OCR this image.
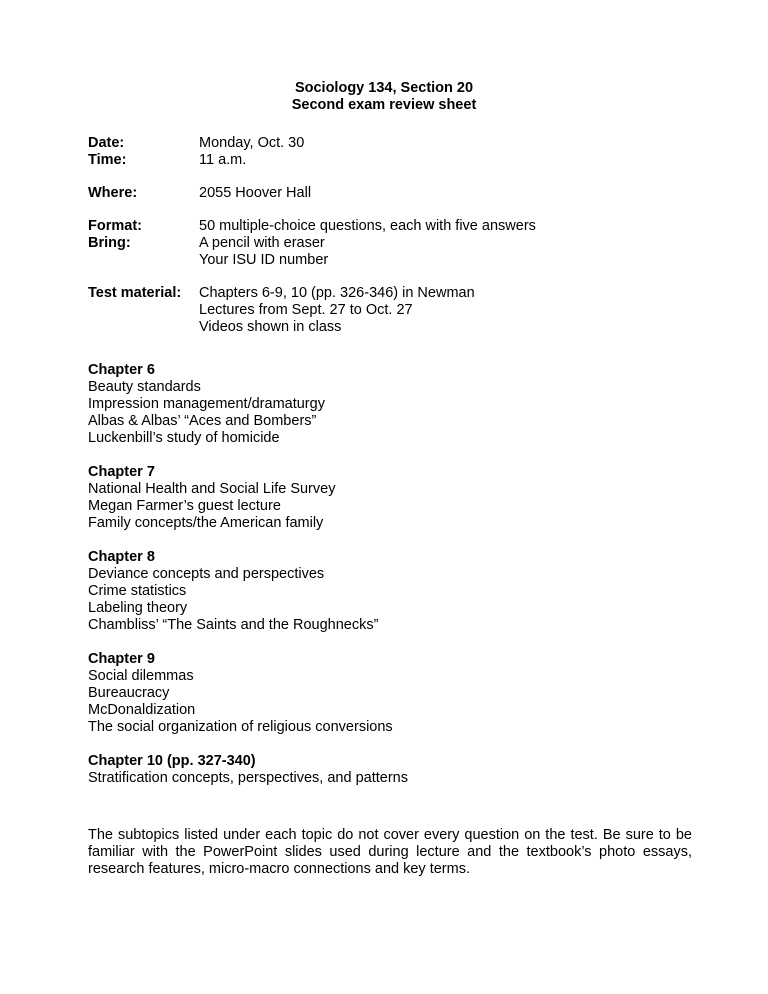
Sociology 134, Section 20
Second exam review sheet
Date:
Time:
Monday, Oct. 30
11 a.m.
Where:	2055 Hoover Hall
Format:
Bring:
50 multiple-choice questions, each with five answers
A pencil with eraser
Your ISU ID number
Test material:	Chapters 6-9, 10 (pp. 326-346) in Newman
Lectures from Sept. 27 to Oct. 27
Videos shown in class
Chapter 6
Beauty standards
Impression management/dramaturgy
Albas & Albas’ “Aces and Bombers”
Luckenbill’s study of homicide
Chapter 7
National Health and Social Life Survey
Megan Farmer’s guest lecture
Family concepts/the American family
Chapter 8
Deviance concepts and perspectives
Crime statistics
Labeling theory
Chambliss’ “The Saints and the Roughnecks”
Chapter 9
Social dilemmas
Bureaucracy
McDonaldization
The social organization of religious conversions
Chapter 10 (pp. 327-340)
Stratification concepts, perspectives, and patterns
The subtopics listed under each topic do not cover every question on the test. Be sure to be familiar with the PowerPoint slides used during lecture and the textbook’s photo essays, research features, micro-macro connections and key terms.
